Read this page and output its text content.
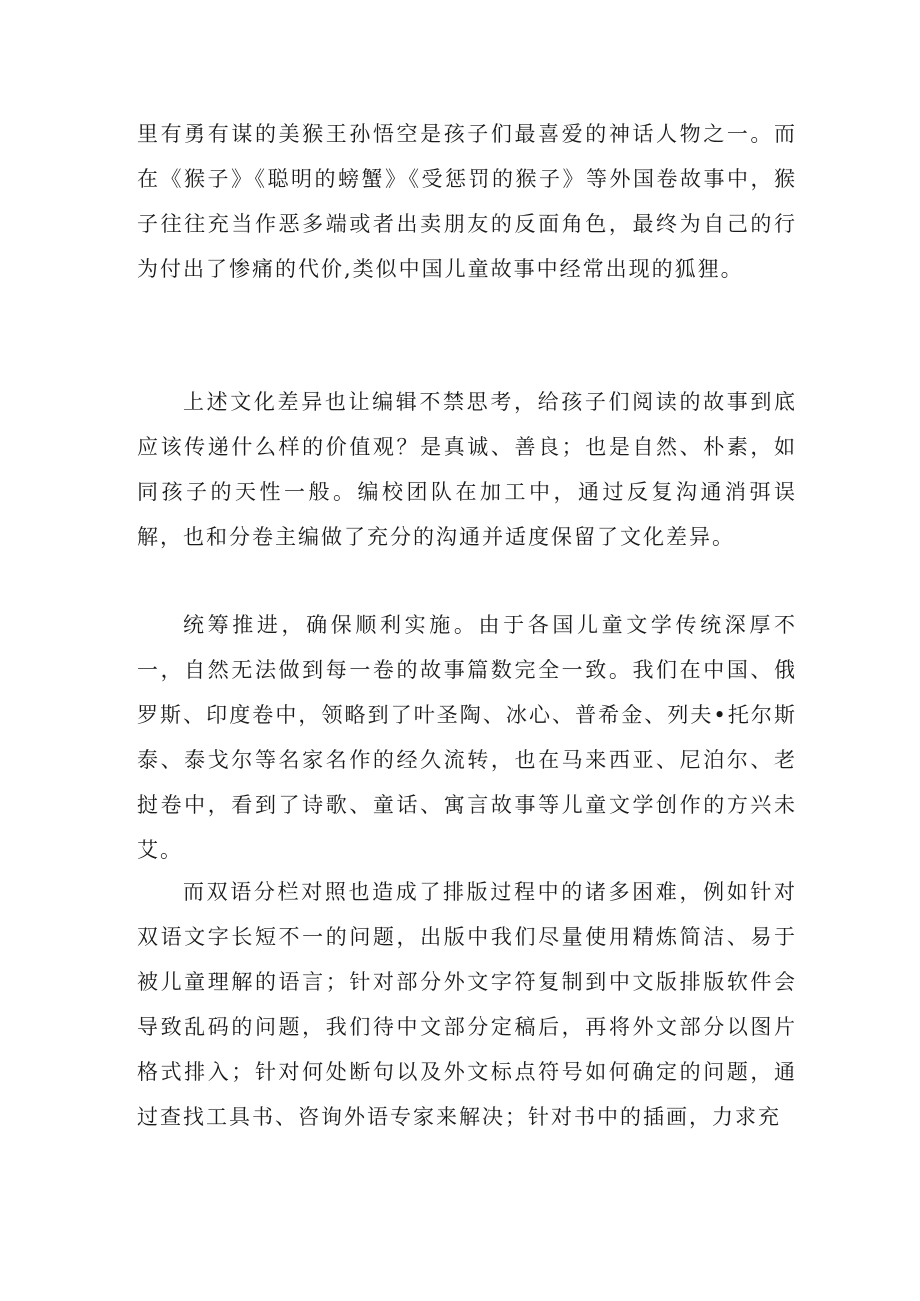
里有勇有谋的美猴王孙悟空是孩子们最喜爱的神话人物之一。而在《猴子》《聪明的螃蟹》《受惩罚的猴子》等外国卷故事中，猴子往往充当作恶多端或者出卖朋友的反面角色，最终为自己的行为付出了惨痛的代价,类似中国儿童故事中经常出现的狐狸。

上述文化差异也让编辑不禁思考，给孩子们阅读的故事到底应该传递什么样的价值观？是真诚、善良；也是自然、朴素，如同孩子的天性一般。编校团队在加工中，通过反复沟通消弭误解，也和分卷主编做了充分的沟通并适度保留了文化差异。

统筹推进，确保顺利实施。由于各国儿童文学传统深厚不一，自然无法做到每一卷的故事篇数完全一致。我们在中国、俄罗斯、印度卷中，领略到了叶圣陶、冰心、普希金、列夫•托尔斯泰、泰戈尔等名家名作的经久流转，也在马来西亚、尼泊尔、老挝卷中，看到了诗歌、童话、寓言故事等儿童文学创作的方兴未艾。

而双语分栏对照也造成了排版过程中的诸多困难，例如针对双语文字长短不一的问题，出版中我们尽量使用精炼简洁、易于被儿童理解的语言；针对部分外文字符复制到中文版排版软件会导致乱码的问题，我们待中文部分定稿后，再将外文部分以图片格式排入；针对何处断句以及外文标点符号如何确定的问题，通过查找工具书、咨询外语专家来解决；针对书中的插画，力求充
